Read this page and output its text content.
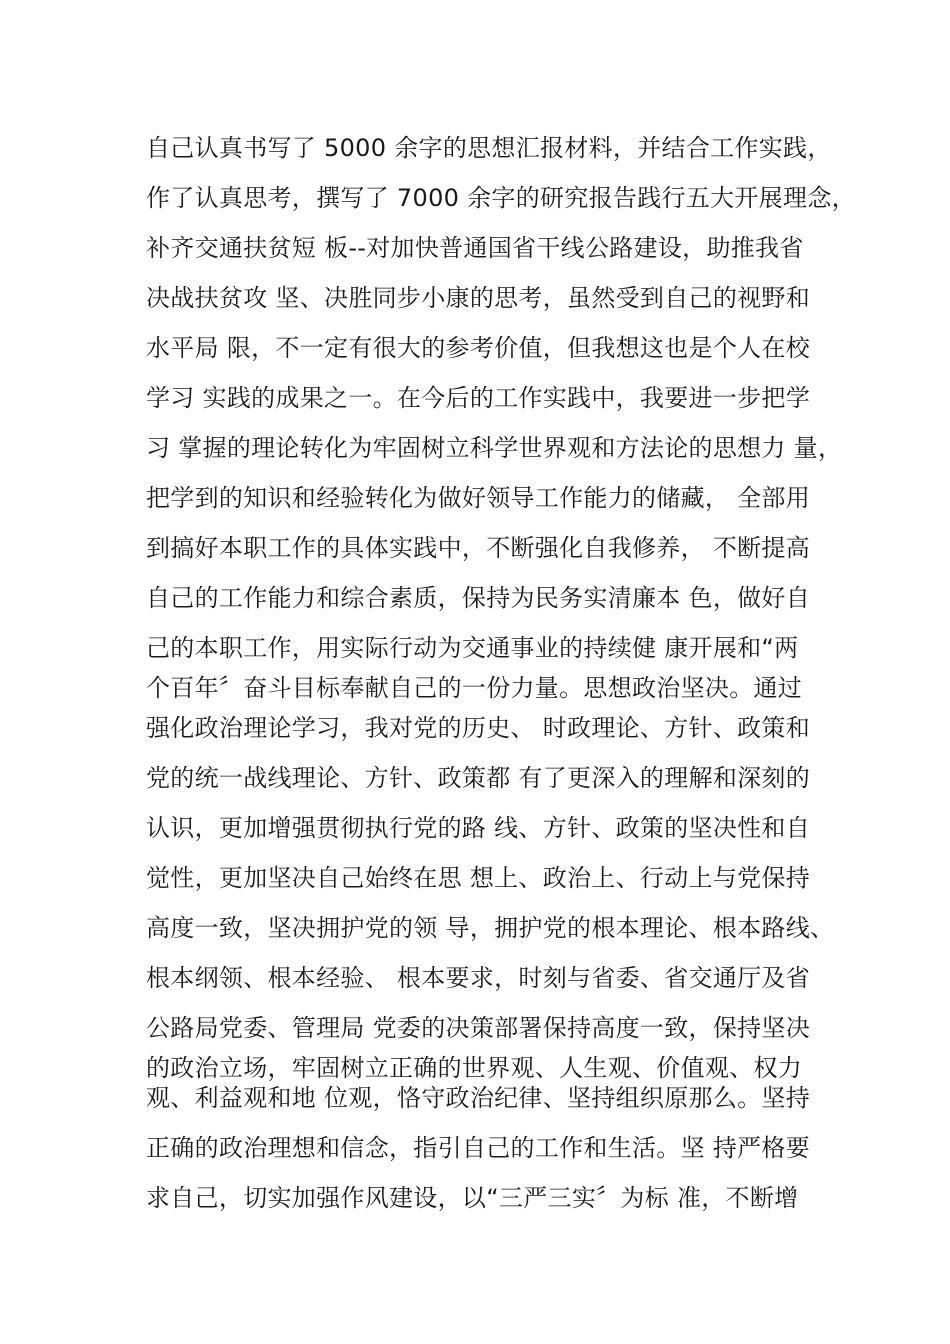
自己认真书写了 5000 余字的思想汇报材料，并结合工作实践，
作了认真思考，撰写了 7000 余字的研究报告践行五大开展理念，
补齐交通扶贫短 板--对加快普通国省干线公路建设，助推我省
决战扶贫攻 坚、决胜同步小康的思考，虽然受到自己的视野和
水平局 限，不一定有很大的参考价值，但我想这也是个人在校
学习 实践的成果之一。在今后的工作实践中，我要进一步把学
习 掌握的理论转化为牢固树立科学世界观和方法论的思想力 量，
把学到的知识和经验转化为做好领导工作能力的储藏， 全部用
到搞好本职工作的具体实践中，不断强化自我修养， 不断提高
自己的工作能力和综合素质，保持为民务实清廉本 色，做好自
己的本职工作，用实际行动为交通事业的持续健 康开展和“两
个百年〞奋斗目标奉献自己的一份力量。思想政治坚决。通过
强化政治理论学习，我对党的历史、 时政理论、方针、政策和
党的统一战线理论、方针、政策都 有了更深入的理解和深刻的
认识，更加增强贯彻执行党的路 线、方针、政策的坚决性和自
觉性，更加坚决自己始终在思 想上、政治上、行动上与党保持
高度一致，坚决拥护党的领 导，拥护党的根本理论、根本路线、
根本纲领、根本经验、 根本要求，时刻与省委、省交通厅及省
公路局党委、管理局 党委的决策部署保持高度一致，保持坚决
的政治立场，牢固树立正确的世界观、人生观、价值观、权力
观、利益观和地 位观，恪守政治纪律、坚持组织原那么。坚持
正确的政治理想和信念，指引自己的工作和生活。坚 持严格要
求自己，切实加强作风建设，以“三严三实〞为标 准，不断增
